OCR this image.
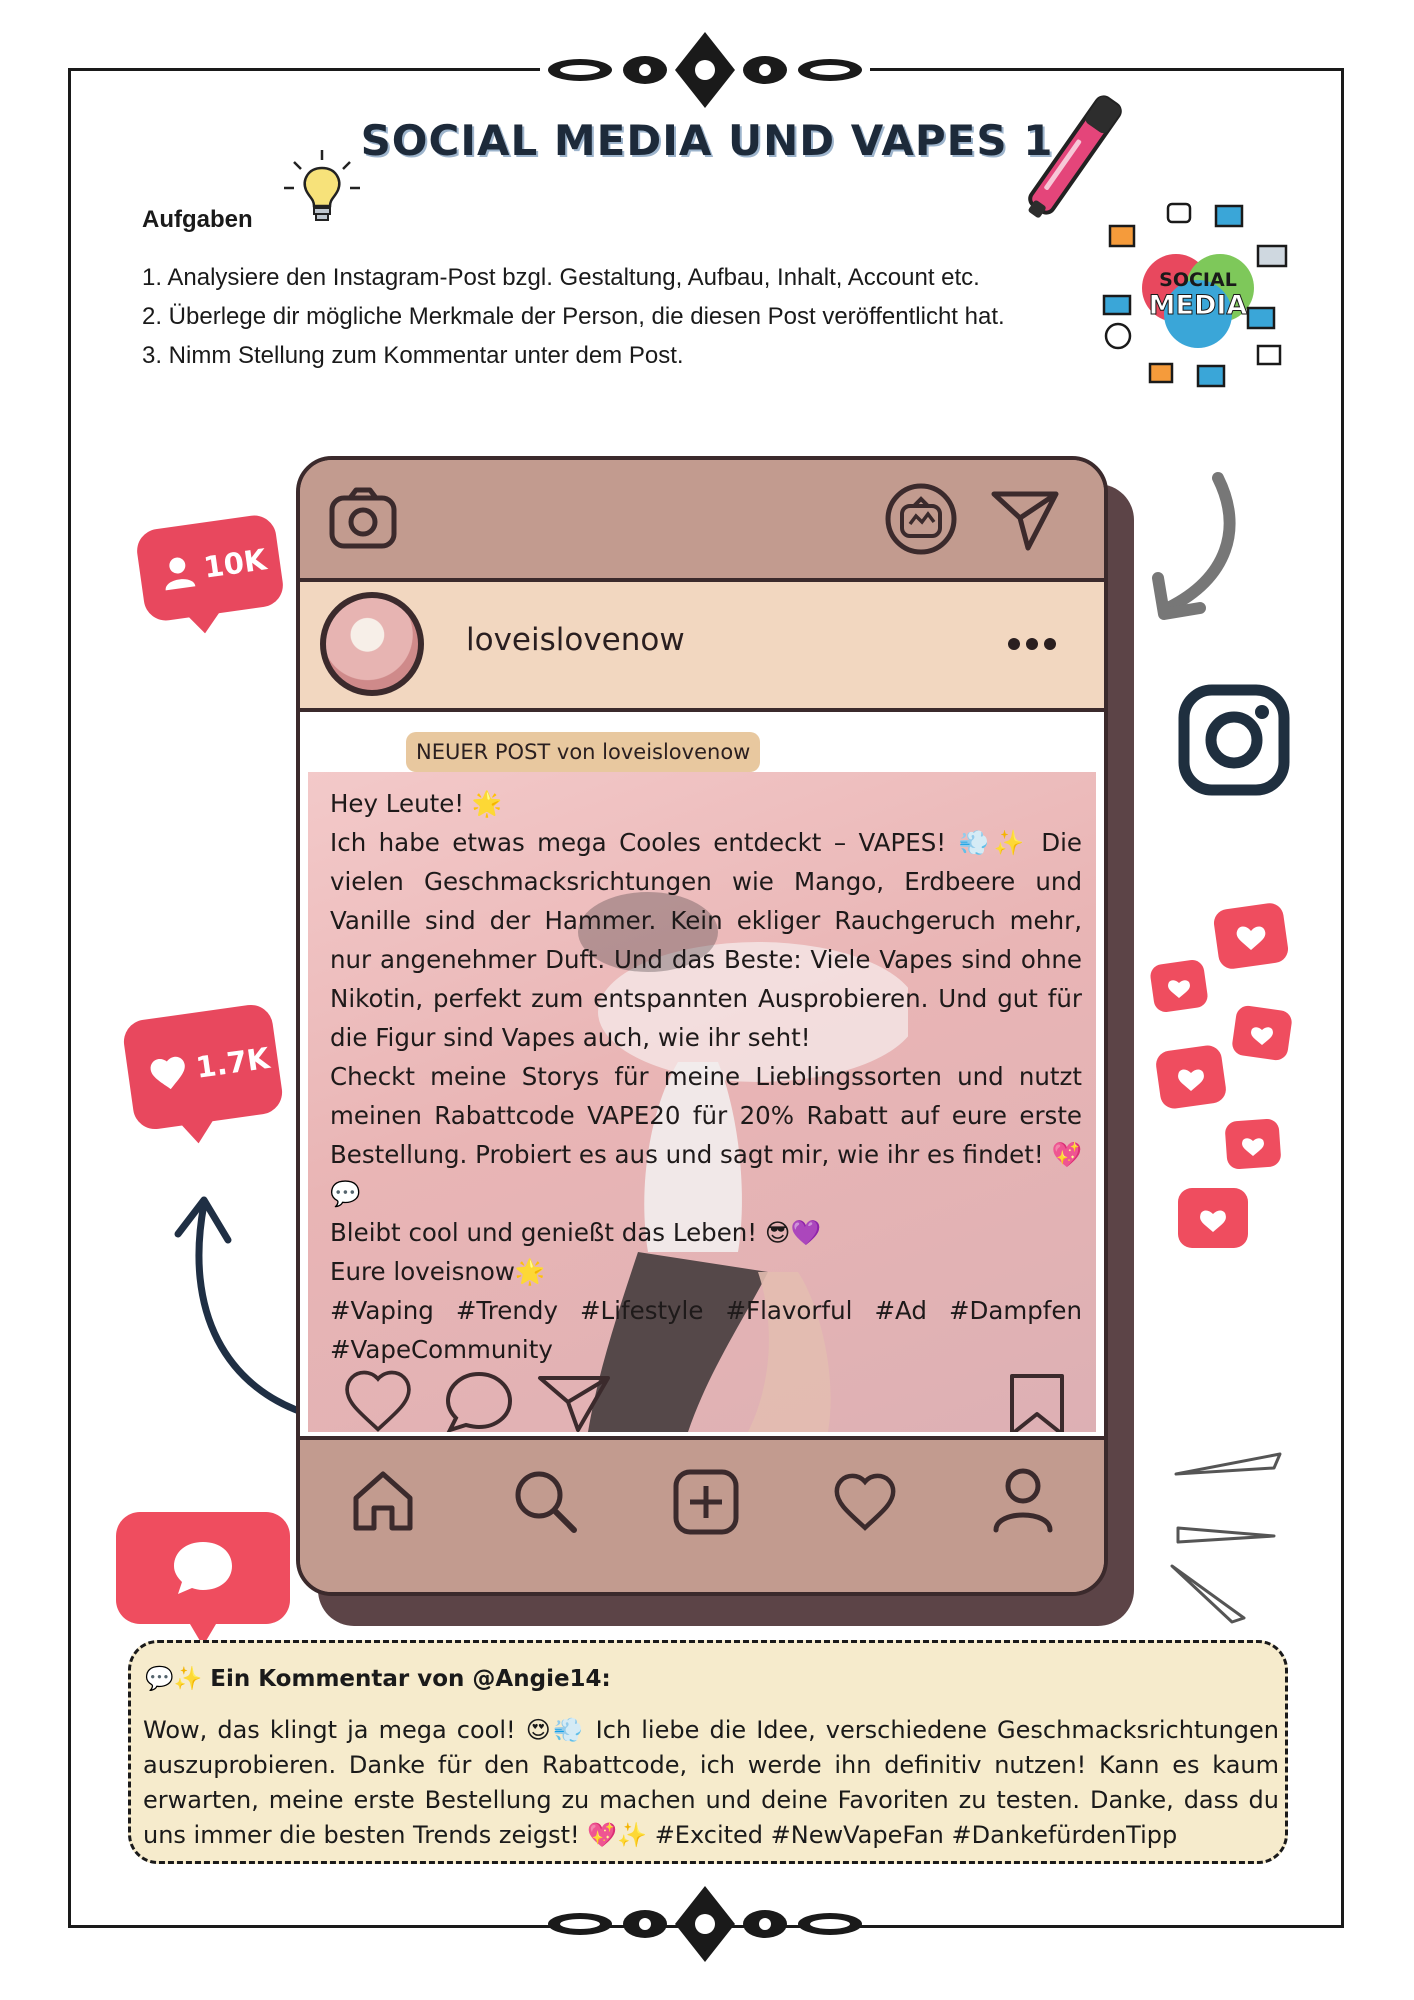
SOCIAL MEDIA UND VAPES 1
Aufgaben
1. Analysiere den Instagram-Post bzgl. Gestaltung, Aufbau, Inhalt, Account etc.
2. Überlege dir mögliche Merkmale der Person, die diesen Post veröffentlicht hat.
3. Nimm Stellung zum Kommentar unter dem Post.
SOCIAL
MEDIA
10K
1.7K
loveislovenow
NEUER POST von loveislovenow

Hey Leute! 🌟

Ich habe etwas mega Cooles entdeckt – VAPES! 💨✨ Die vielen Geschmacksrichtungen wie Mango, Erdbeere und Vanille sind der Hammer. Kein ekliger Rauchgeruch mehr, nur angenehmer Duft. Und das Beste: Viele Vapes sind ohne Nikotin, perfekt zum entspannten Ausprobieren. Und gut für die Figur sind Vapes auch, wie ihr seht!

Checkt meine Storys für meine Lieblingssorten und nutzt meinen Rabattcode VAPE20 für 20% Rabatt auf eure erste Bestellung. Probiert es aus und sagt mir, wie ihr es findet! 💖💬

Bleibt cool und genießt das Leben! 😎💜

Eure loveisnow🌟

#Vaping #Trendy #Lifestyle #Flavorful #Ad #Dampfen #VapeCommunity

💬✨ Ein Kommentar von @Angie14:

Wow, das klingt ja mega cool! 😍💨 Ich liebe die Idee, verschiedene Geschmacksrichtungen auszuprobieren. Danke für den Rabattcode, ich werde ihn definitiv nutzen! Kann es kaum erwarten, meine erste Bestellung zu machen und deine Favoriten zu testen. Danke, dass du uns immer die besten Trends zeigst! 💖✨ #Excited #NewVapeFan #DankefürdenTipp
